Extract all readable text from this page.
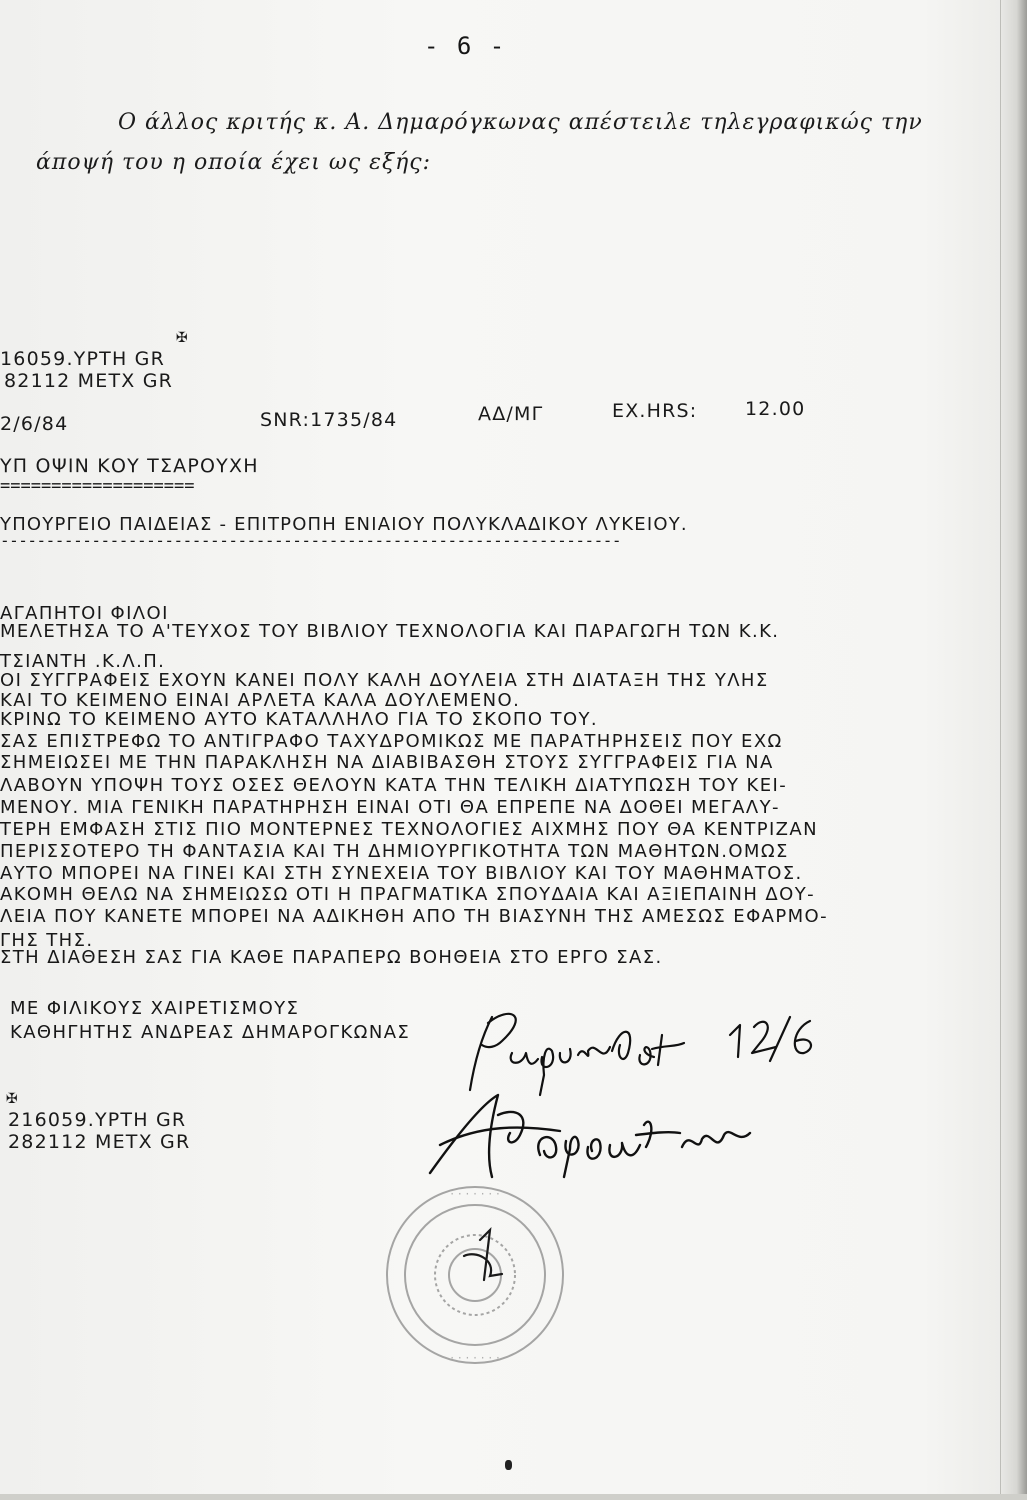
- 6 -
Ο άλλος κριτής κ. Α. Δημαρόγκωνας απέστειλε τηλεγραφικώς την
άποψή του η οποία έχει ως εξής:
✠
16059.YPTH GR
82112 METX GR
2/6/84	SNR:1735/84	ΑΔ/ΜΓ	ΕΧ.HRS:	12.00
ΥΠ ΟΨΙΝ ΚΟΥ ΤΣΑΡΟΥΧΗ
===================
ΥΠΟΥΡΓΕΙΟ ΠΑΙΔΕΙΑΣ - ΕΠΙΤΡΟΠΗ ΕΝΙΑΙΟΥ ΠΟΛΥΚΛΑΔΙΚΟΥ ΛΥΚΕΙΟΥ.
--------------------------------------------------------------------
ΑΓΑΠΗΤΟΙ ΦΙΛΟΙ
ΜΕΛΕΤΗΣΑ ΤΟ Α'ΤΕΥΧΟΣ ΤΟΥ ΒΙΒΛΙΟΥ ΤΕΧΝΟΛΟΓΙΑ ΚΑΙ ΠΑΡΑΓΩΓΗ ΤΩΝ Κ.Κ.
ΤΣΙΑΝΤΗ .Κ.Λ.Π.
ΟΙ ΣΥΓΓΡΑΦΕΙΣ ΕΧΟΥΝ ΚΑΝΕΙ ΠΟΛΥ ΚΑΛΗ ΔΟΥΛΕΙΑ ΣΤΗ ΔΙΑΤΑΞΗ ΤΗΣ ΥΛΗΣ
ΚΑΙ ΤΟ ΚΕΙΜΕΝΟ ΕΙΝΑΙ ΑΡΛΕΤΑ ΚΑΛΑ ΔΟΥΛΕΜΕΝΟ.
ΚΡΙΝΩ ΤΟ ΚΕΙΜΕΝΟ ΑΥΤΟ ΚΑΤΑΛΛΗΛΟ ΓΙΑ ΤΟ ΣΚΟΠΟ ΤΟΥ.
ΣΑΣ ΕΠΙΣΤΡΕΦΩ ΤΟ ΑΝΤΙΓΡΑΦΟ ΤΑΧΥΔΡΟΜΙΚΩΣ ΜΕ ΠΑΡΑΤΗΡΗΣΕΙΣ ΠΟΥ ΕΧΩ
ΣΗΜΕΙΩΣΕΙ ΜΕ ΤΗΝ ΠΑΡΑΚΛΗΣΗ ΝΑ ΔΙΑΒΙΒΑΣΘΗ ΣΤΟΥΣ ΣΥΓΓΡΑΦΕΙΣ ΓΙΑ ΝΑ
ΛΑΒΟΥΝ ΥΠΟΨΗ ΤΟΥΣ ΟΣΕΣ ΘΕΛΟΥΝ ΚΑΤΑ ΤΗΝ ΤΕΛΙΚΗ ΔΙΑΤΥΠΩΣΗ ΤΟΥ ΚΕΙ-
ΜΕΝΟΥ. ΜΙΑ ΓΕΝΙΚΗ ΠΑΡΑΤΗΡΗΣΗ ΕΙΝΑΙ ΟΤΙ ΘΑ ΕΠΡΕΠΕ ΝΑ ΔΟΘΕΙ ΜΕΓΑΛΥ-
ΤΕΡΗ ΕΜΦΑΣΗ ΣΤΙΣ ΠΙΟ ΜΟΝΤΕΡΝΕΣ ΤΕΧΝΟΛΟΓΙΕΣ ΑΙΧΜΗΣ ΠΟΥ ΘΑ ΚΕΝΤΡΙΖΑΝ
ΠΕΡΙΣΣΟΤΕΡΟ ΤΗ ΦΑΝΤΑΣΙΑ ΚΑΙ ΤΗ ΔΗΜΙΟΥΡΓΙΚΟΤΗΤΑ ΤΩΝ ΜΑΘΗΤΩΝ.ΟΜΩΣ
ΑΥΤΟ ΜΠΟΡΕΙ ΝΑ ΓΙΝΕΙ ΚΑΙ ΣΤΗ ΣΥΝΕΧΕΙΑ ΤΟΥ ΒΙΒΛΙΟΥ ΚΑΙ ΤΟΥ ΜΑΘΗΜΑΤΟΣ.
ΑΚΟΜΗ ΘΕΛΩ ΝΑ ΣΗΜΕΙΩΣΩ ΟΤΙ Η ΠΡΑΓΜΑΤΙΚΑ ΣΠΟΥΔΑΙΑ ΚΑΙ ΑΞΙΕΠΑΙΝΗ ΔΟΥ-
ΛΕΙΑ ΠΟΥ ΚΑΝΕΤΕ ΜΠΟΡΕΙ ΝΑ ΑΔΙΚΗΘΗ ΑΠΟ ΤΗ ΒΙΑΣΥΝΗ ΤΗΣ ΑΜΕΣΩΣ ΕΦΑΡΜΟ-
ΓΗΣ ΤΗΣ.
ΣΤΗ ΔΙΑΘΕΣΗ ΣΑΣ ΓΙΑ ΚΑΘΕ ΠΑΡΑΠΕΡΩ ΒΟΗΘΕΙΑ ΣΤΟ ΕΡΓΟ ΣΑΣ.
ΜΕ ΦΙΛΙΚΟΥΣ ΧΑΙΡΕΤΙΣΜΟΥΣ
ΚΑΘΗΓΗΤΗΣ ΑΝΔΡΕΑΣ ΔΗΜΑΡΟΓΚΩΝΑΣ
✠
216059.YPTH GR
282112 METX GR
· · · · · · ·
· · · · · · ·
